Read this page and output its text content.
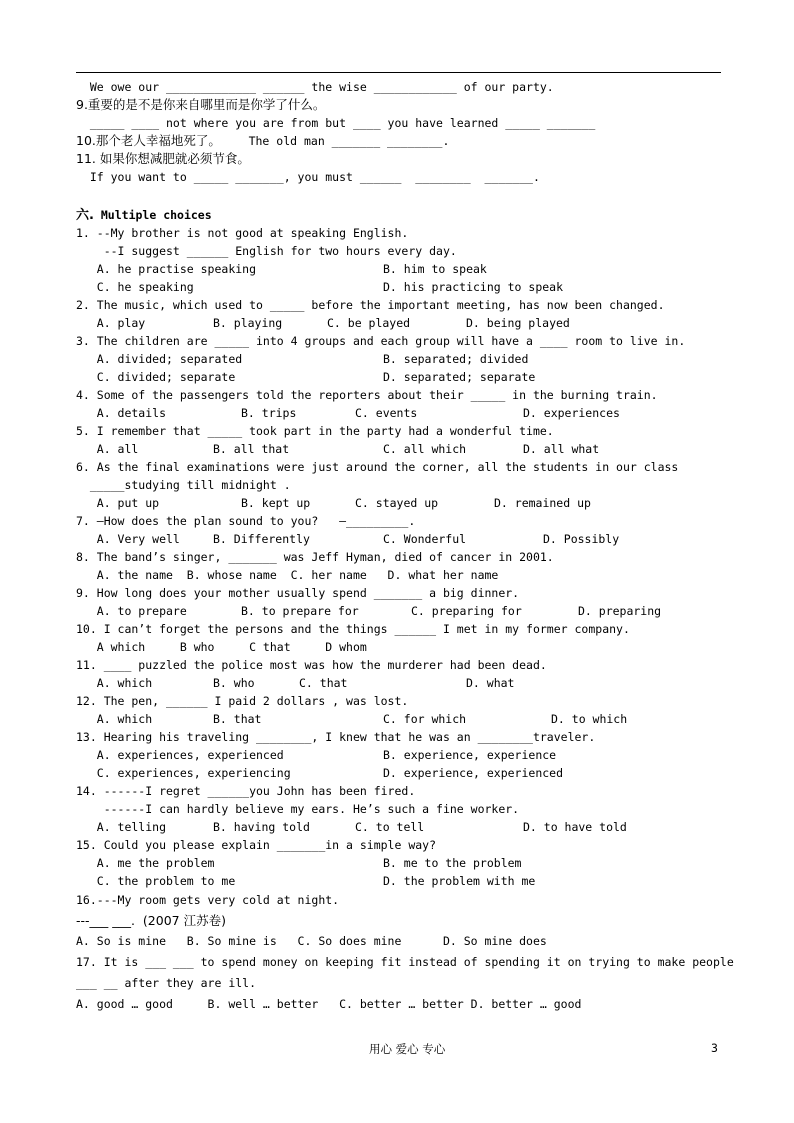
We owe our _____________ ______ the wise ____________ of our party.
9.重要的是不是你来自哪里而是你学了什么。
_____ ____ not where you are from but ____ you have learned _____ _______
10.那个老人幸福地死了。    The old man _______ ________.
11. 如果你想减肥就必须节食。
If you want to _____ _______, you must ______  ________  _______.
六. Multiple choices
1. --My brother is not good at speaking English.
--I suggest ______ English for two hours every day.
A. he practise speaking	B. him to speak
C. he speaking	D. his practicing to speak
2. The music, which used to _____ before the important meeting, has now been changed.
A. play	B. playing	C. be played	D. being played
3. The children are _____ into 4 groups and each group will have a ____ room to live in.
A. divided; separated	B. separated; divided
C. divided; separate	D. separated; separate
4. Some of the passengers told the reporters about their _____ in the burning train.
A. details	B. trips	C. events	D. experiences
5. I remember that _____ took part in the party had a wonderful time.
A. all	B. all that	C. all which	D. all what
6. As the final examinations were just around the corner, all the students in our class
_____studying till midnight .
A. put up	B. kept up	C. stayed up	D. remained up
7. —How does the plan sound to you?   —_________.
A. Very well	B. Differently	C. Wonderful	D. Possibly
8. The band’s singer, _______ was Jeff Hyman, died of cancer in 2001.
A. the name  B. whose name  C. her name   D. what her name
9. How long does your mother usually spend _______ a big dinner.
A. to prepare	B. to prepare for	C. preparing for	D. preparing
10. I can’t forget the persons and the things ______ I met in my former company.
A which     B who     C that     D whom
11. ____ puzzled the police most was how the murderer had been dead.
A. which	B. who	C. that	D. what
12. The pen, ______ I paid 2 dollars , was lost.
A. which	B. that	C. for which	D. to which
13. Hearing his traveling ________, I knew that he was an ________traveler.
A. experiences, experienced	B. experience, experience
C. experiences, experiencing	D. experience, experienced
14. ------I regret ______you John has been fired.
------I can hardly believe my ears. He’s such a fine worker.
A. telling	B. having told	C. to tell	D. to have told
15. Could you please explain _______in a simple way?
A. me the problem	B. me to the problem
C. the problem to me	D. the problem with me
16.---My room gets very cold at night.
---___ ___.  (2007 江苏卷)
A. So is mine   B. So mine is   C. So does mine      D. So mine does
17. It is ___ ___ to spend money on keeping fit instead of spending it on trying to make people
___ __ after they are ill.
A. good … good     B. well … better   C. better … better D. better … good
用心 爱心 专心	3
